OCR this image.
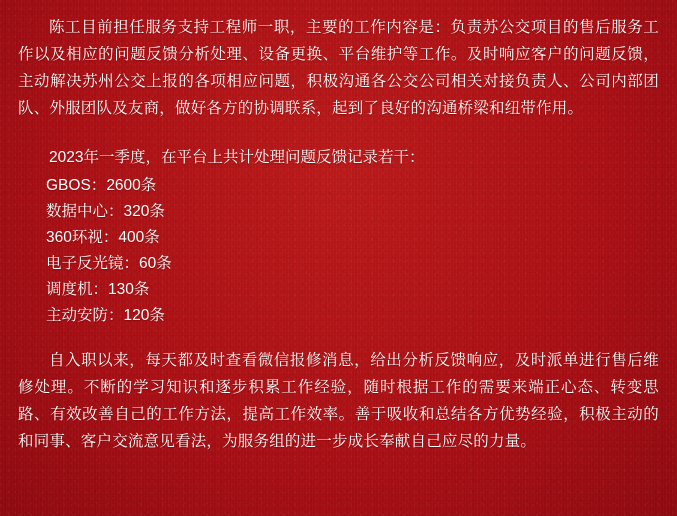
陈工目前担任服务支持工程师一职，主要的工作内容是：负责苏公交项目的售后服务工作以及相应的问题反馈分析处理、设备更换、平台维护等工作。及时响应客户的问题反馈，主动解决苏州公交上报的各项相应问题，积极沟通各公交公司相关对接负责人、公司内部团队、外服团队及友商，做好各方的协调联系，起到了良好的沟通桥梁和纽带作用。

2023年一季度，在平台上共计处理问题反馈记录若干：

GBOS：2600条
数据中心：320条
360环视：400条
电子反光镜：60条
调度机：130条
主动安防：120条

自入职以来，每天都及时查看微信报修消息，给出分析反馈响应，及时派单进行售后维修处理。不断的学习知识和逐步积累工作经验，随时根据工作的需要来端正心态、转变思路、有效改善自己的工作方法，提高工作效率。善于吸收和总结各方优势经验，积极主动的和同事、客户交流意见看法，为服务组的进一步成长奉献自己应尽的力量。
